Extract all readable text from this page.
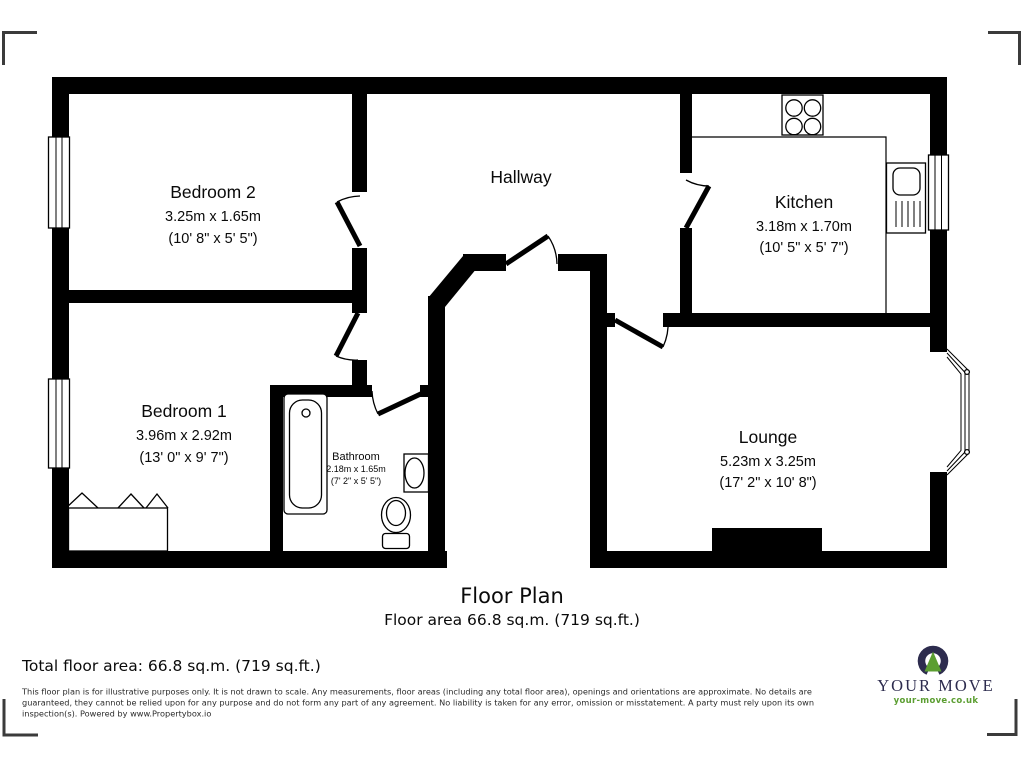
Bedroom 2
3.25m x 1.65m
(10' 8" x 5' 5")
Hallway
Kitchen
3.18m x 1.70m
(10' 5" x 5' 7")
Bedroom 1
3.96m x 2.92m
(13' 0" x 9' 7")	Bathroom
2.18m x 1.65m
(7' 2" x 5' 5")
Lounge
5.23m x 3.25m
(17' 2" x 10' 8")
Floor Plan
Floor area 66.8 sq.m. (719 sq.ft.)
Total floor area: 66.8 sq.m. (719 sq.ft.)
This floor plan is for illustrative purposes only. It is not drawn to scale. Any measurements, floor areas (including any total floor area), openings and orientations are approximate. No details are
guaranteed, they cannot be relied upon for any purpose and do not form any part of any agreement. No liability is taken for any error, omission or misstatement. A party must rely upon its own
inspection(s). Powered by www.Propertybox.io
YOUR MOVE
your-move.co.uk
